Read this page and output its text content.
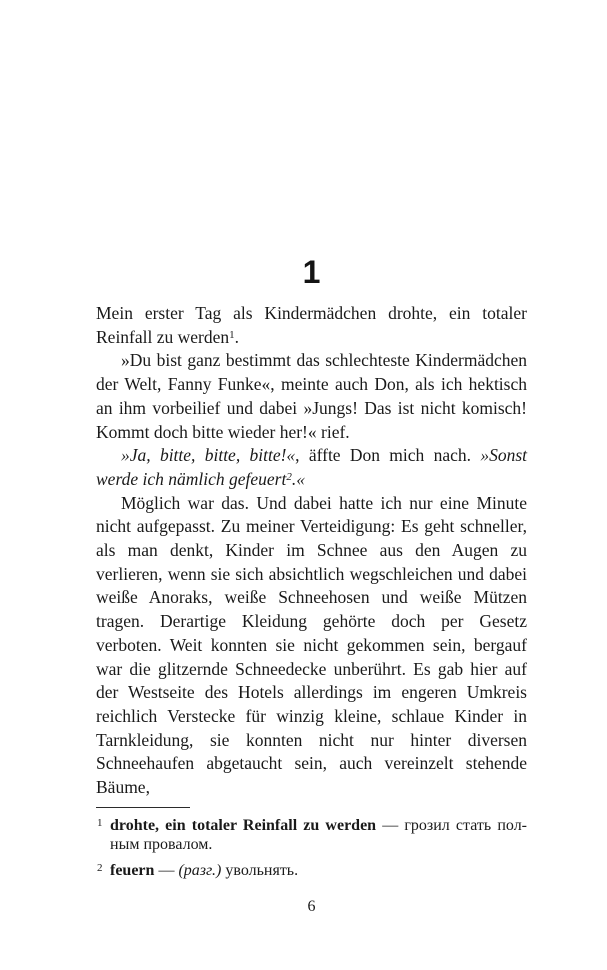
1

Mein erster Tag als Kindermädchen drohte, ein totaler Reinfall zu werden$^1$.

»Du bist ganz bestimmt das schlechteste Kindermädchen der Welt, Fanny Funke«, meinte auch Don, als ich hektisch an ihm vorbeilief und dabei »Jungs! Das ist nicht komisch! Kommt doch bitte wieder her!« rief.

»Ja, bitte, bitte, bitte!«, äffte Don mich nach. »Sonst werde ich nämlich gefeuert$^2$.«

Möglich war das. Und dabei hatte ich nur eine Minute nicht aufgepasst. Zu meiner Verteidigung: Es geht schneller, als man denkt, Kinder im Schnee aus den Augen zu verlieren, wenn sie sich absichtlich wegschleichen und dabei weiße Anoraks, weiße Schneehosen und weiße Mützen tragen. Derartige Kleidung gehörte doch per Gesetz verboten. Weit konnten sie nicht gekommen sein, bergauf war die glitzernde Schneedecke unberührt. Es gab hier auf der Westseite des Hotels allerdings im engeren Umkreis reichlich Verstecke für winzig kleine, schlaue Kinder in Tarnkleidung, sie konnten nicht nur hinter diversen Schneehaufen abgetaucht sein, auch vereinzelt stehende Bäume,

1 drohte, ein totaler Reinfall zu werden — грозил стать полным провалом.
2 feuern — (разг.) увольнять.
6
